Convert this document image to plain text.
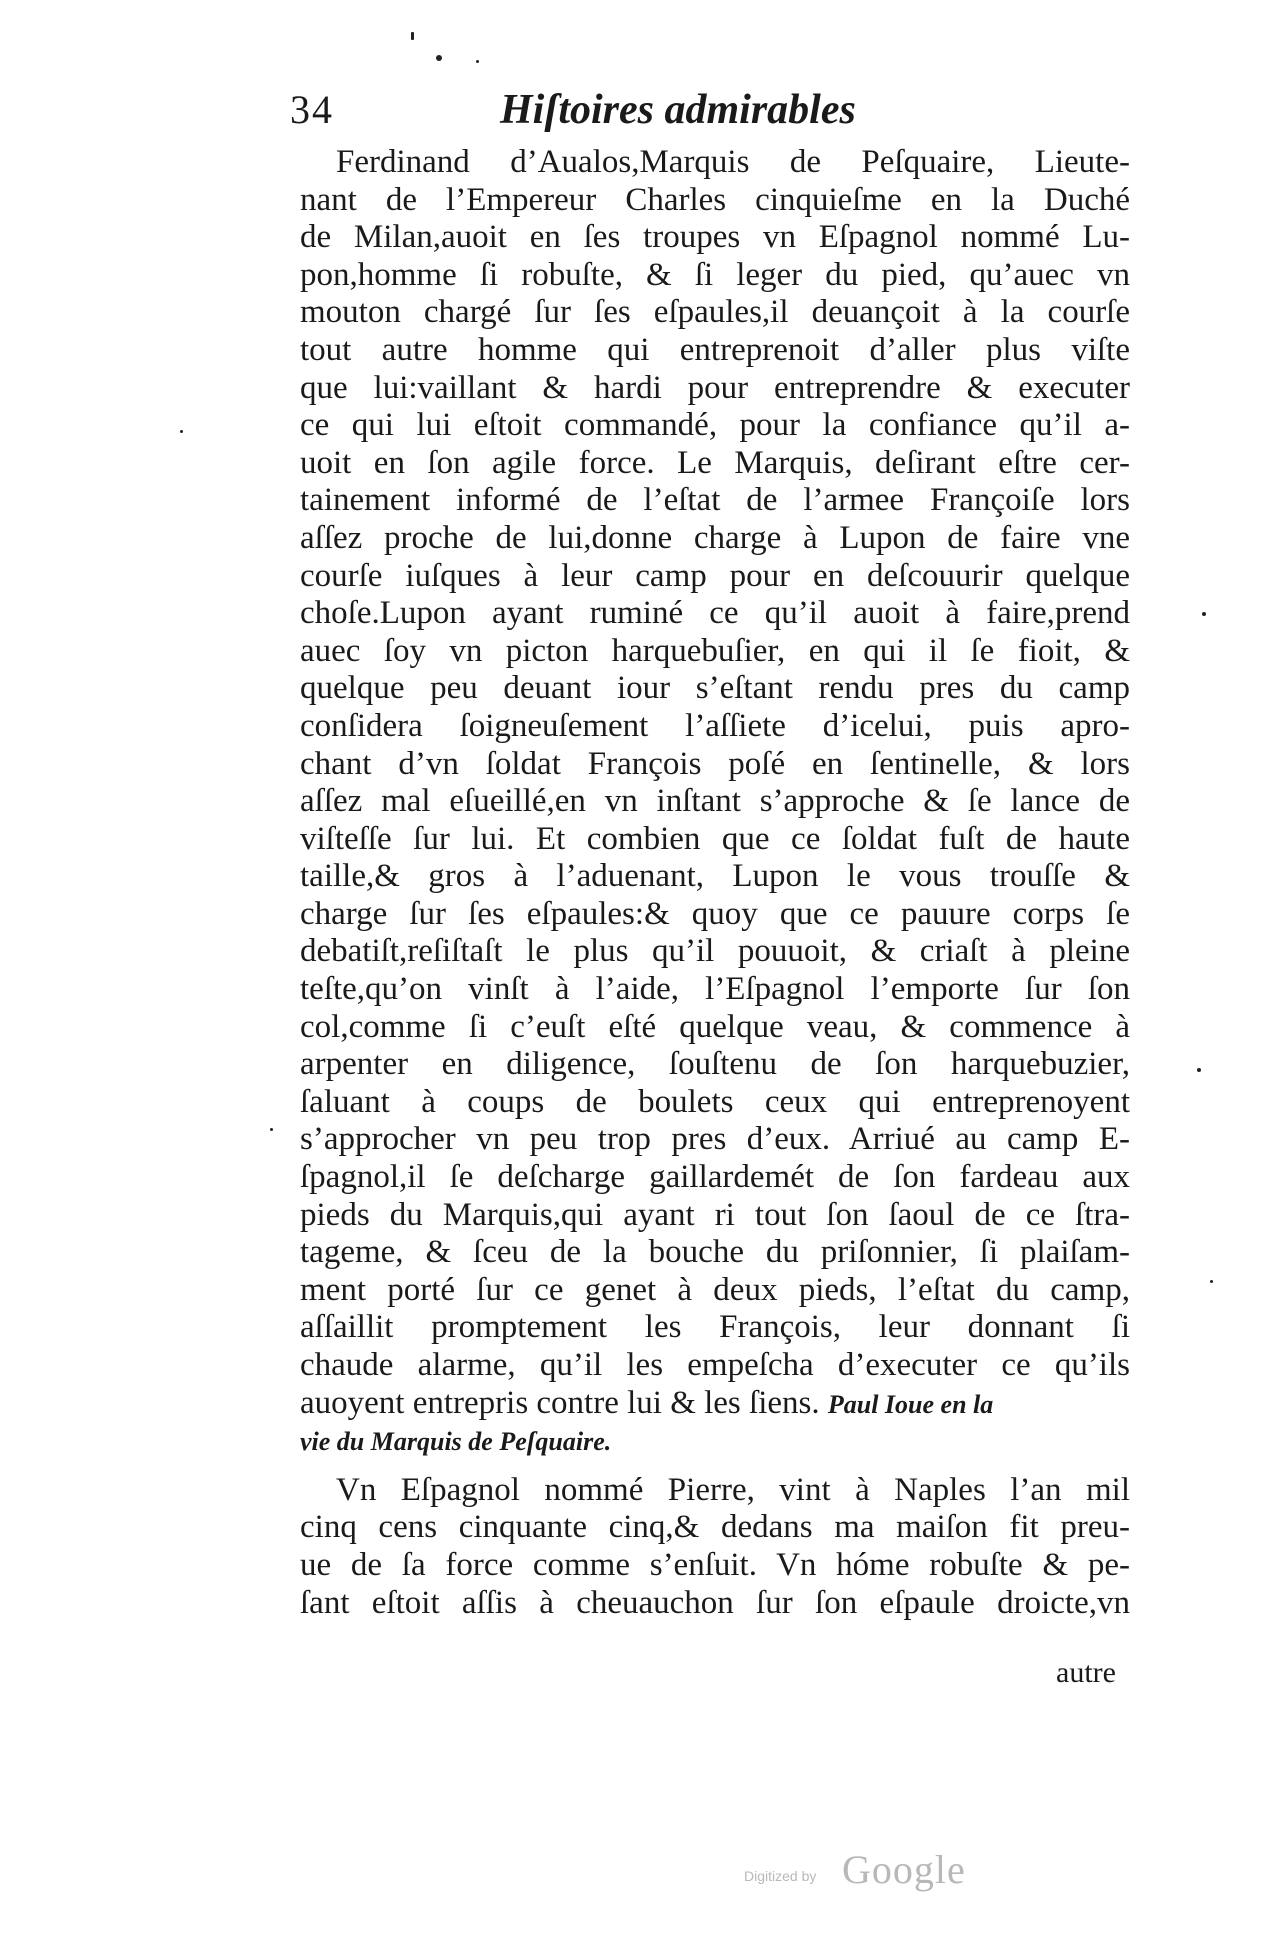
34	Hiſtoires admirables
Ferdinand d’Aualos,Marquis de Peſquaire, Lieute-
nant de l’Empereur Charles cinquieſme en la Duché
de Milan,auoit en ſes troupes vn Eſpagnol nommé Lu-
pon,homme ſi robuſte, & ſi leger du pied, qu’auec vn
mouton chargé ſur ſes eſpaules,il deuançoit à la courſe
tout autre homme qui entreprenoit d’aller plus viſte
que lui:vaillant & hardi pour entreprendre & executer
ce qui lui eſtoit commandé, pour la confiance qu’il a-
uoit en ſon agile force. Le Marquis, deſirant eſtre cer-
tainement informé de l’eſtat de l’armee Françoiſe lors
aſſez proche de lui,donne charge à Lupon de faire vne
courſe iuſques à leur camp pour en deſcouurir quelque
choſe.Lupon ayant ruminé ce qu’il auoit à faire,prend
auec ſoy vn picton harquebuſier, en qui il ſe fioit, &
quelque peu deuant iour s’eſtant rendu pres du camp
conſidera ſoigneuſement l’aſſiete d’icelui, puis apro-
chant d’vn ſoldat François poſé en ſentinelle, & lors
aſſez mal eſueillé,en vn inſtant s’approche & ſe lance de
viſteſſe ſur lui. Et combien que ce ſoldat fuſt de haute
taille,& gros à l’aduenant, Lupon le vous trouſſe &
charge ſur ſes eſpaules:& quoy que ce pauure corps ſe
debatiſt,reſiſtaſt le plus qu’il pouuoit, & criaſt à pleine
teſte,qu’on vinſt à l’aide, l’Eſpagnol l’emporte ſur ſon
col,comme ſi c’euſt eſté quelque veau, & commence à
arpenter en diligence, ſouſtenu de ſon harquebuzier,
ſaluant à coups de boulets ceux qui entreprenoyent
s’approcher vn peu trop pres d’eux. Arriué au camp E-
ſpagnol,il ſe deſcharge gaillardemét de ſon fardeau aux
pieds du Marquis,qui ayant ri tout ſon ſaoul de ce ſtra-
tageme, & ſceu de la bouche du priſonnier, ſi plaiſam-
ment porté ſur ce genet à deux pieds, l’eſtat du camp,
aſſaillit promptement les François, leur donnant ſi
chaude alarme, qu’il les empeſcha d’executer ce qu’ils
auoyent entrepris contre lui & les ſiens. Paul Ioue en la
vie du Marquis de Peſquaire.
Vn Eſpagnol nommé Pierre, vint à Naples l’an mil
cinq cens cinquante cinq,& dedans ma maiſon fit preu-
ue de ſa force comme s’enſuit. Vn hóme robuſte & pe-
ſant eſtoit aſſis à cheuauchon ſur ſon eſpaule droicte,vn
autre
Digitized by Google
